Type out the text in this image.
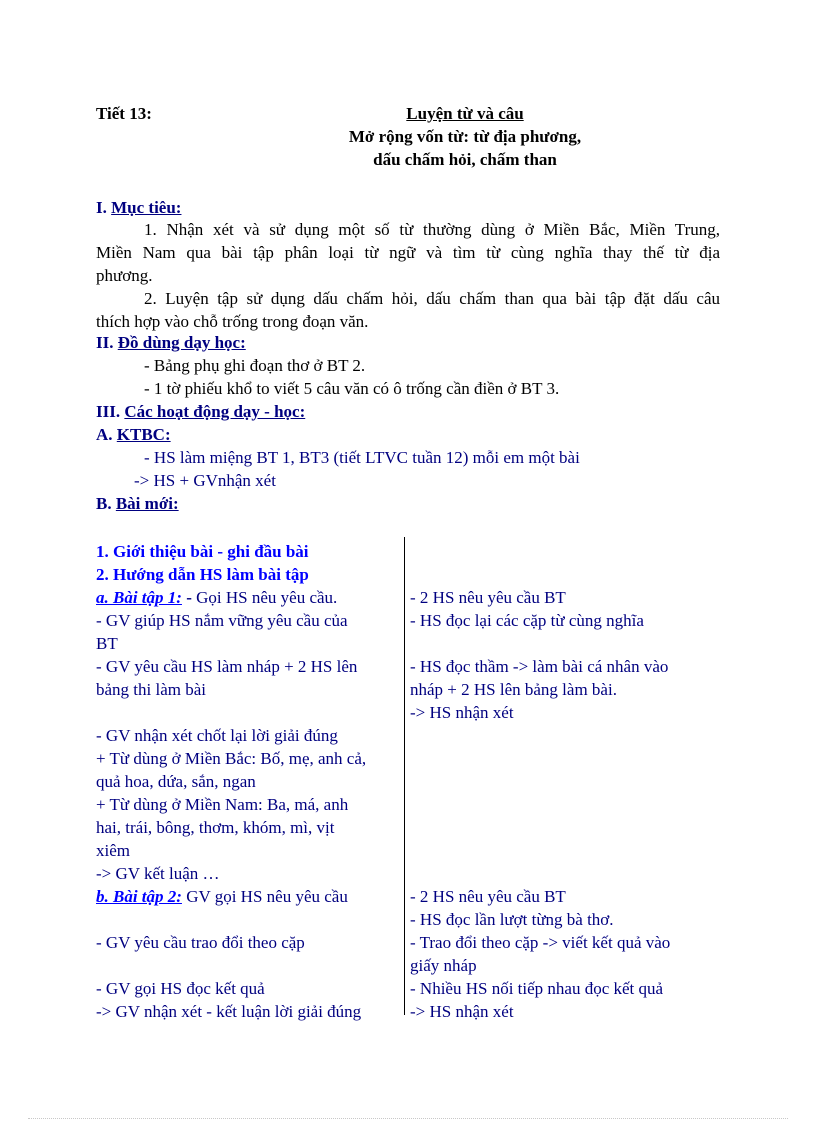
Tiết 13:	Luyện từ và câu
Mở rộng vốn từ: từ địa phương,
dấu chấm hỏi, chấm than
I. Mục tiêu:
1. Nhận xét và sử dụng một số từ thường dùng ở Miền Bắc, Miền Trung,
Miền Nam qua bài tập phân loại từ ngữ và tìm từ cùng nghĩa thay thế từ địa
phương.
2. Luyện tập sử dụng dấu chấm hỏi, dấu chấm than qua bài tập đặt dấu câu
thích hợp vào chỗ trống trong đoạn văn.
II. Đồ dùng dạy học:
- Bảng phụ ghi đoạn thơ ở BT 2.
- 1 tờ phiếu khổ to viết 5 câu văn có ô trống cần điền ở BT 3.
III. Các hoạt động dạy - học:
A. KTBC:
- HS làm miệng BT 1, BT3 (tiết LTVC tuần 12) mỗi em một bài
-> HS + GVnhận xét
B. Bài mới:
1. Giới thiệu bài - ghi đầu bài
2. Hướng dẫn HS làm bài tập
a. Bài tập 1: - Gọi HS nêu yêu cầu.
- GV giúp HS nắm vững yêu cầu của
BT
- GV yêu cầu HS làm nháp + 2 HS lên
bảng thi làm bài
- GV nhận xét chốt lại lời giải đúng
+ Từ dùng ở Miền Bắc: Bố, mẹ, anh cả,
quả hoa, dứa, sắn, ngan
+ Từ dùng ở Miền Nam: Ba, má, anh
hai, trái, bông, thơm, khóm, mì, vịt
xiêm
-> GV kết luận …
b. Bài tập 2: GV gọi HS nêu yêu cầu
- GV yêu cầu trao đổi theo cặp
- GV gọi HS đọc kết quả
-> GV nhận xét - kết luận lời giải đúng
- 2 HS nêu yêu cầu BT
- HS đọc lại các cặp từ cùng nghĩa
- HS đọc thầm -> làm bài cá nhân vào
nháp + 2 HS lên bảng làm bài.
-> HS nhận xét
- 2 HS nêu yêu cầu BT
- HS đọc lần lượt từng bà thơ.
- Trao đổi theo cặp -> viết kết quả vào
giấy nháp
- Nhiều HS nối tiếp nhau đọc kết quả
-> HS nhận xét
